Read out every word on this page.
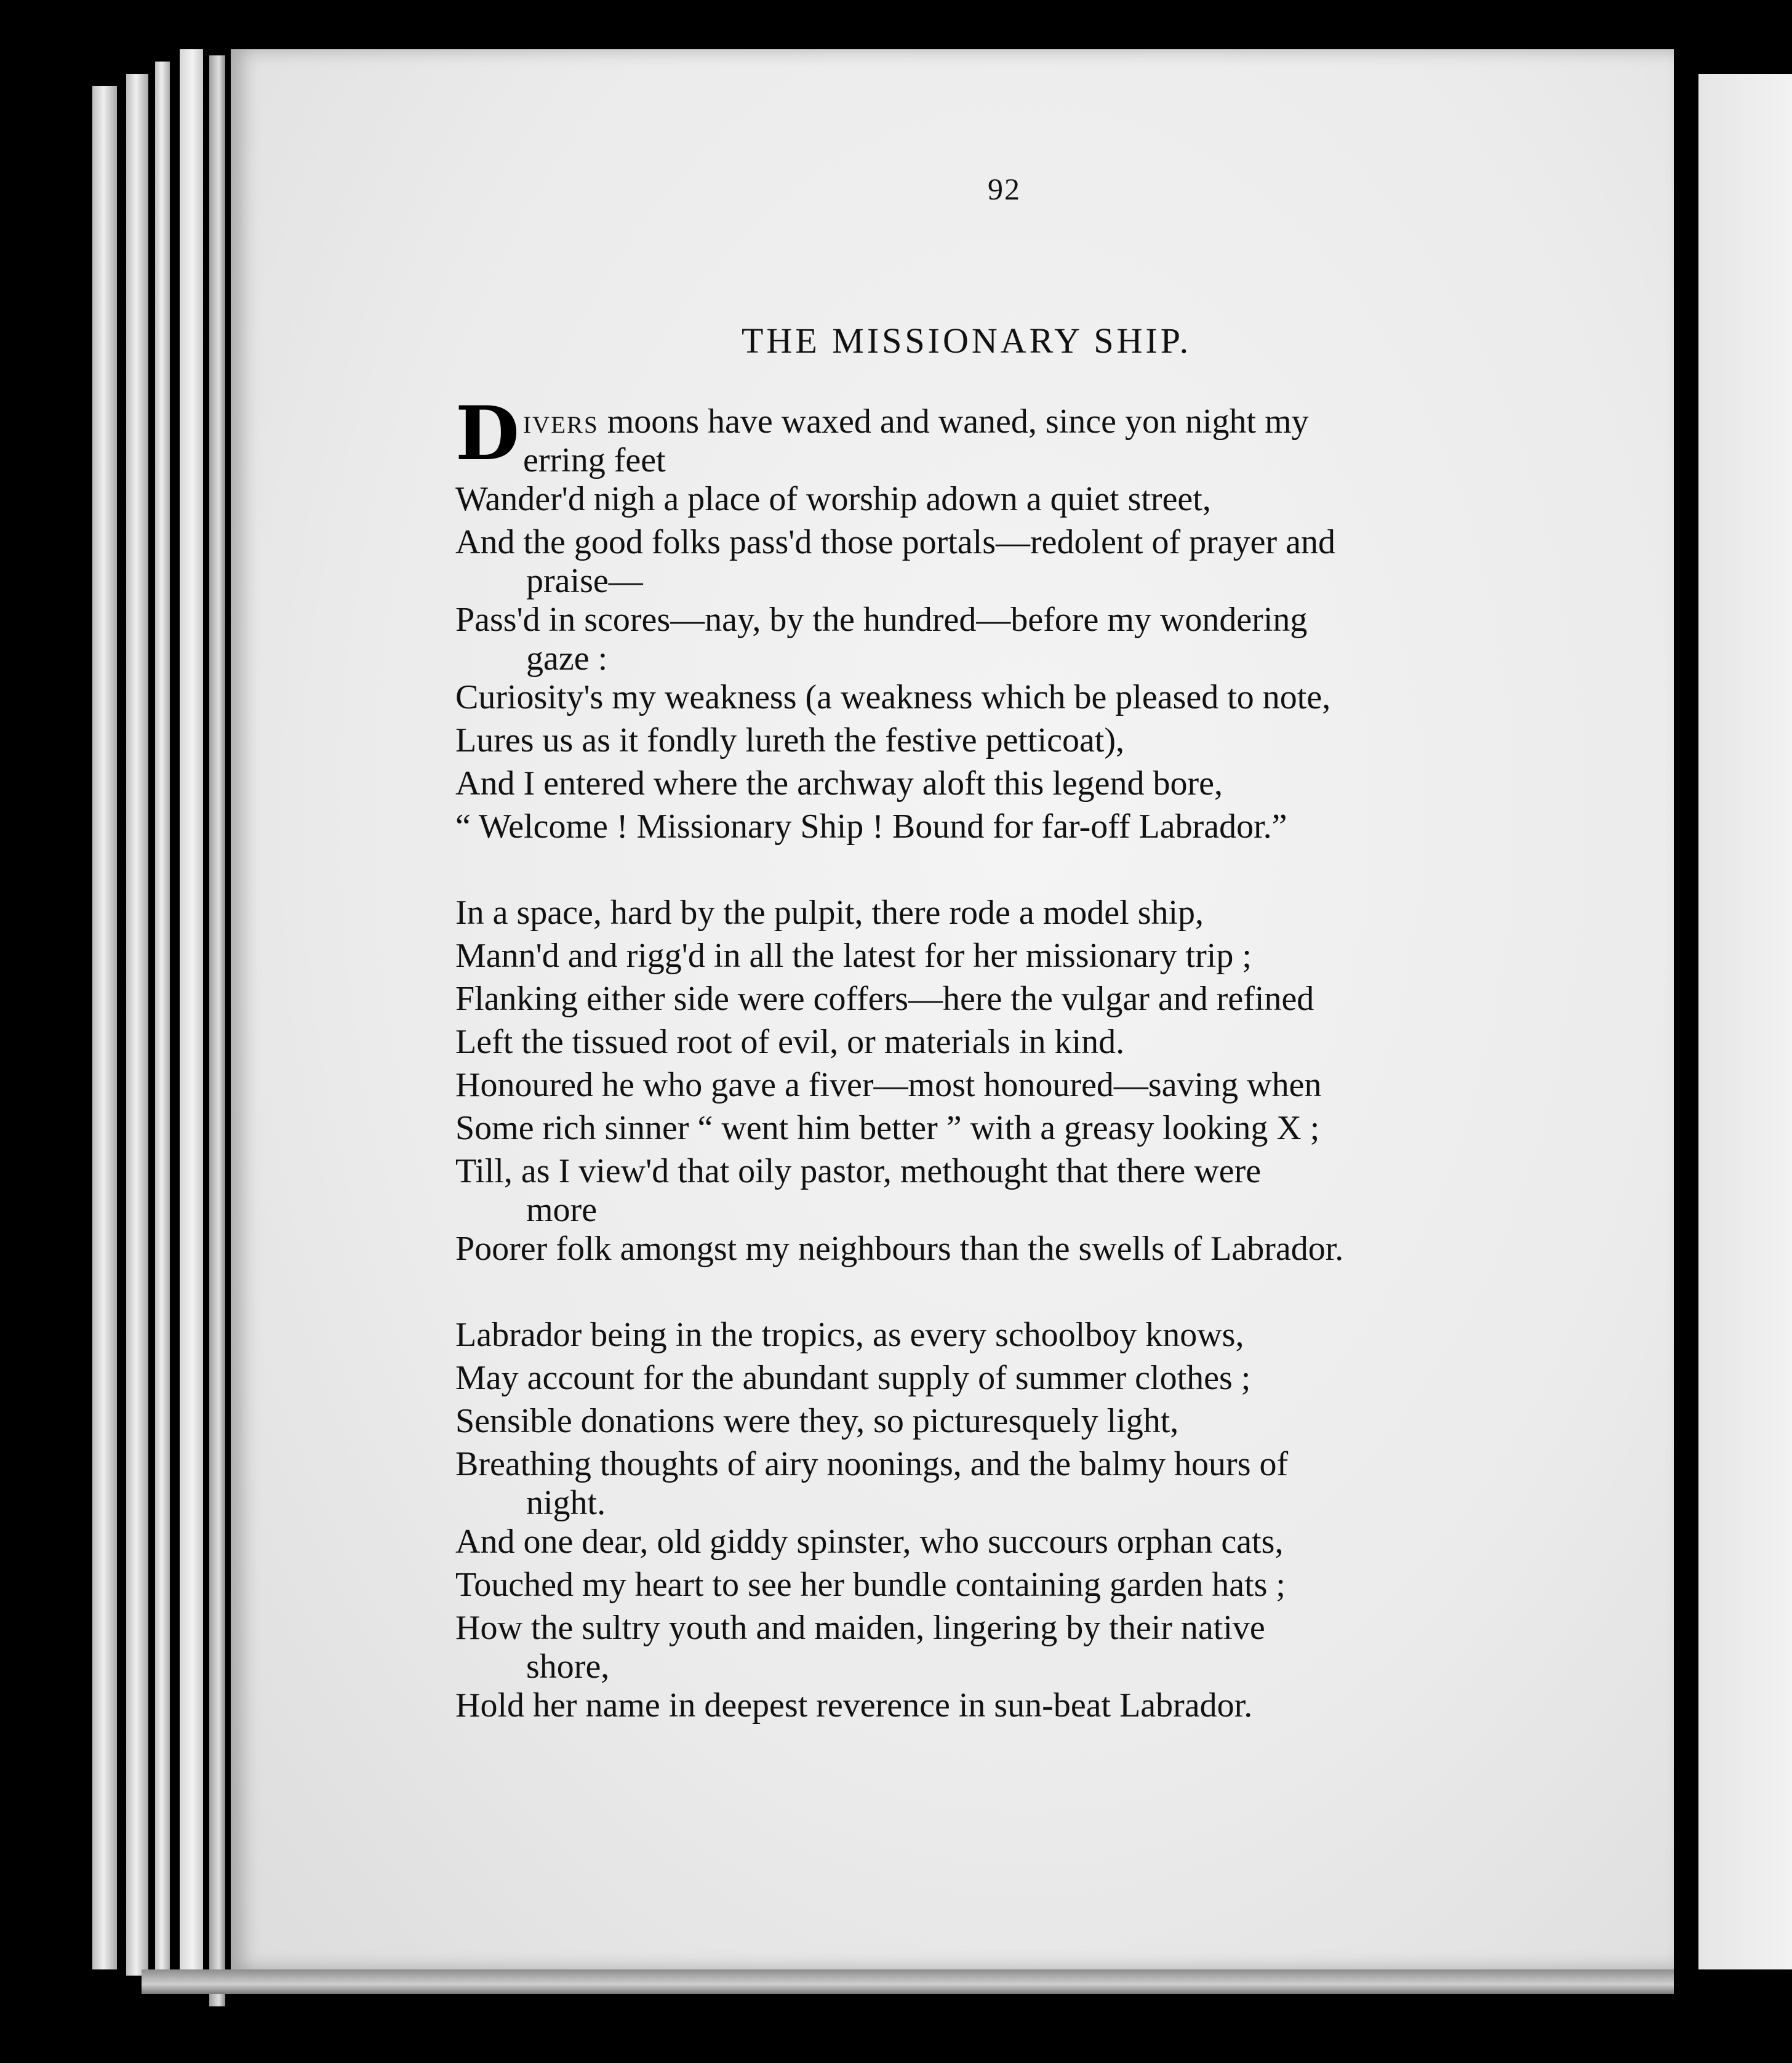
92
THE MISSIONARY SHIP.
D ivers moons have waxed and waned, since yon night my
erring feet
Wander'd nigh a place of worship adown a quiet street,
And the good folks pass'd those portals—redolent of prayer and
praise—
Pass'd in scores—nay, by the hundred—before my wondering
gaze :
Curiosity's my weakness (a weakness which be pleased to note,
Lures us as it fondly lureth the festive petticoat),
And I entered where the archway aloft this legend bore,
“ Welcome ! Missionary Ship ! Bound for far-off Labrador.”
In a space, hard by the pulpit, there rode a model ship,
Mann'd and rigg'd in all the latest for her missionary trip ;
Flanking either side were coffers—here the vulgar and refined
Left the tissued root of evil, or materials in kind.
Honoured he who gave a fiver—most honoured—saving when
Some rich sinner “ went him better ” with a greasy looking X ;
Till, as I view'd that oily pastor, methought that there were
more
Poorer folk amongst my neighbours than the swells of Labrador.
Labrador being in the tropics, as every schoolboy knows,
May account for the abundant supply of summer clothes ;
Sensible donations were they, so picturesquely light,
Breathing thoughts of airy noonings, and the balmy hours of
night.
And one dear, old giddy spinster, who succours orphan cats,
Touched my heart to see her bundle containing garden hats ;
How the sultry youth and maiden, lingering by their native
shore,
Hold her name in deepest reverence in sun-beat Labrador.
